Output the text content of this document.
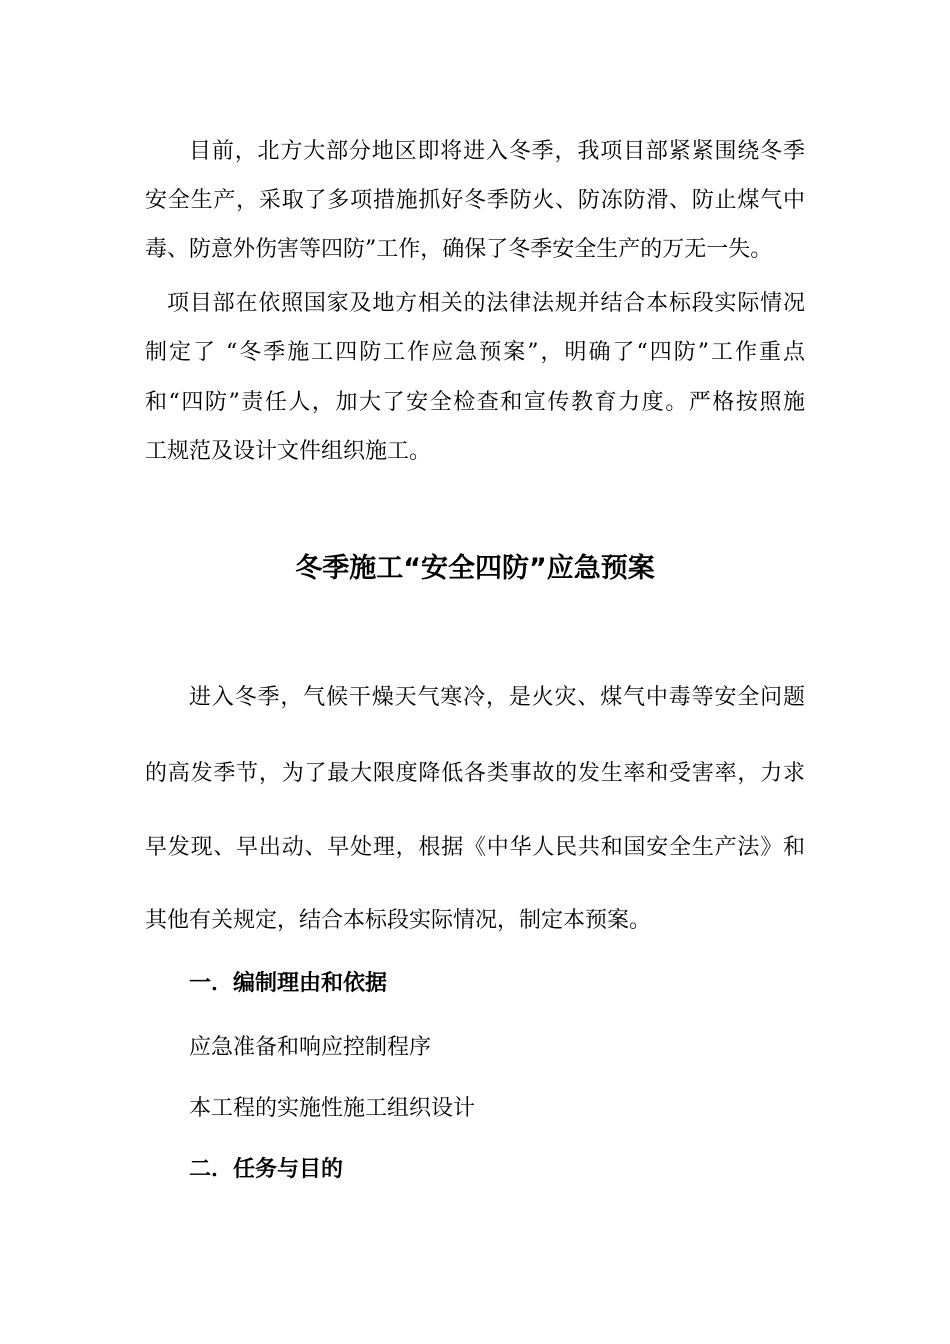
目前，北方大部分地区即将进入冬季，我项目部紧紧围绕冬季
安全生产，采取了多项措施抓好冬季防火、防冻防滑、防止煤气中
毒、防意外伤害等四防”工作，确保了冬季安全生产的万无一失。
项目部在依照国家及地方相关的法律法规并结合本标段实际情况
制定了 “冬季施工四防工作应急预案”，明确了“四防”工作重点
和“四防”责任人，加大了安全检查和宣传教育力度。严格按照施
工规范及设计文件组织施工。
冬季施工“安全四防”应急预案
进入冬季，气候干燥天气寒冷，是火灾、煤气中毒等安全问题
的高发季节，为了最大限度降低各类事故的发生率和受害率，力求
早发现、早出动、早处理，根据《中华人民共和国安全生产法》和
其他有关规定，结合本标段实际情况，制定本预案。
一．编制理由和依据
应急准备和响应控制程序
本工程的实施性施工组织设计
二．任务与目的
